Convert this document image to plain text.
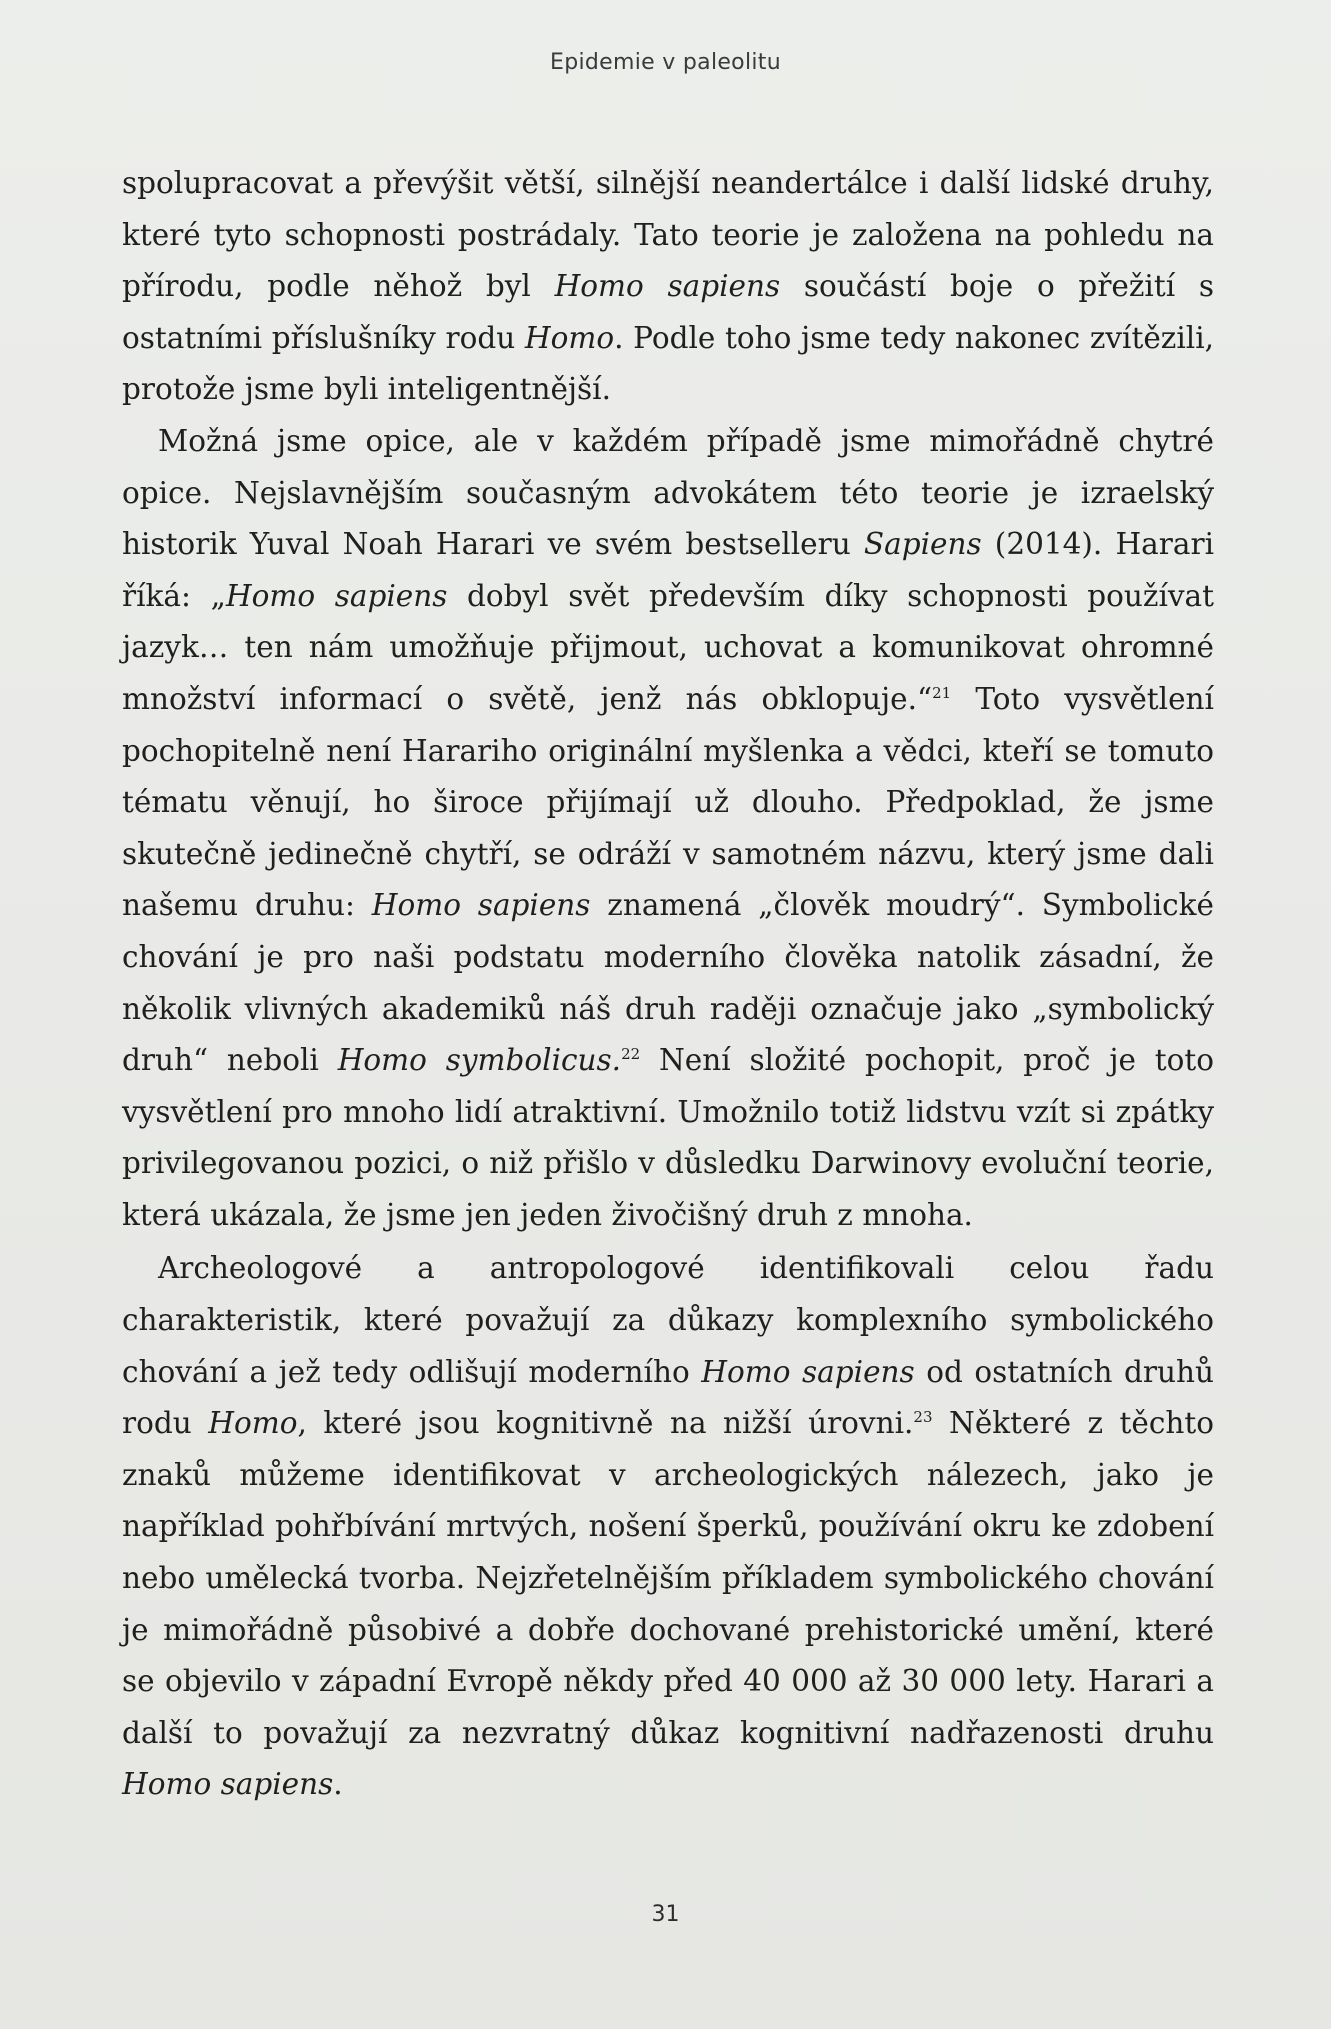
Epidemie v paleolitu

spolupracovat a převýšit větší, silnější neandertálce i další lidské druhy, které tyto schopnosti postrádaly. Tato teorie je založena na pohledu na přírodu, podle něhož byl Homo sapiens součástí boje o přežití s ostatními příslušníky rodu Homo. Podle toho jsme tedy nakonec zvítězili, protože jsme byli inteligentnější.

Možná jsme opice, ale v každém případě jsme mimořádně chytré opice. Nejslavnějším současným advokátem této teorie je izraelský historik Yuval Noah Harari ve svém bestselleru Sapiens (2014). Harari říká: „Homo sapiens dobyl svět především díky schopnosti používat jazyk… ten nám umožňuje přijmout, uchovat a komunikovat ohromné množství informací o světě, jenž nás obklopuje.“$^{21}$ Toto vysvětlení pochopitelně není Harariho originální myšlenka a vědci, kteří se tomuto tématu věnují, ho široce přijímají už dlouho. Předpoklad, že jsme skutečně jedinečně chytří, se odráží v samotném názvu, který jsme dali našemu druhu: Homo sapiens znamená „člověk moudrý“. Symbolické chování je pro naši podstatu moderního člověka natolik zásadní, že několik vlivných akademiků náš druh raději označuje jako „symbolický druh“ neboli Homo symbolicus.$^{22}$ Není složité pochopit, proč je toto vysvětlení pro mnoho lidí atraktivní. Umožnilo totiž lidstvu vzít si zpátky privilegovanou pozici, o niž přišlo v důsledku Darwinovy evoluční teorie, která ukázala, že jsme jen jeden živočišný druh z mnoha.

Archeologové a antropologové identifikovali celou řadu charakteristik, které považují za důkazy komplexního symbolického chování a jež tedy odlišují moderního Homo sapiens od ostatních druhů rodu Homo, které jsou kognitivně na nižší úrovni.$^{23}$ Některé z těchto znaků můžeme identifikovat v archeologických nálezech, jako je například pohřbívání mrtvých, nošení šperků, používání okru ke zdobení nebo umělecká tvorba. Nejzřetelnějším příkladem symbolického chování je mimořádně působivé a dobře dochované prehistorické umění, které se objevilo v západní Evropě někdy před 40 000 až 30 000 lety. Harari a další to považují za nezvratný důkaz kognitivní nadřazenosti druhu Homo sapiens.

31
